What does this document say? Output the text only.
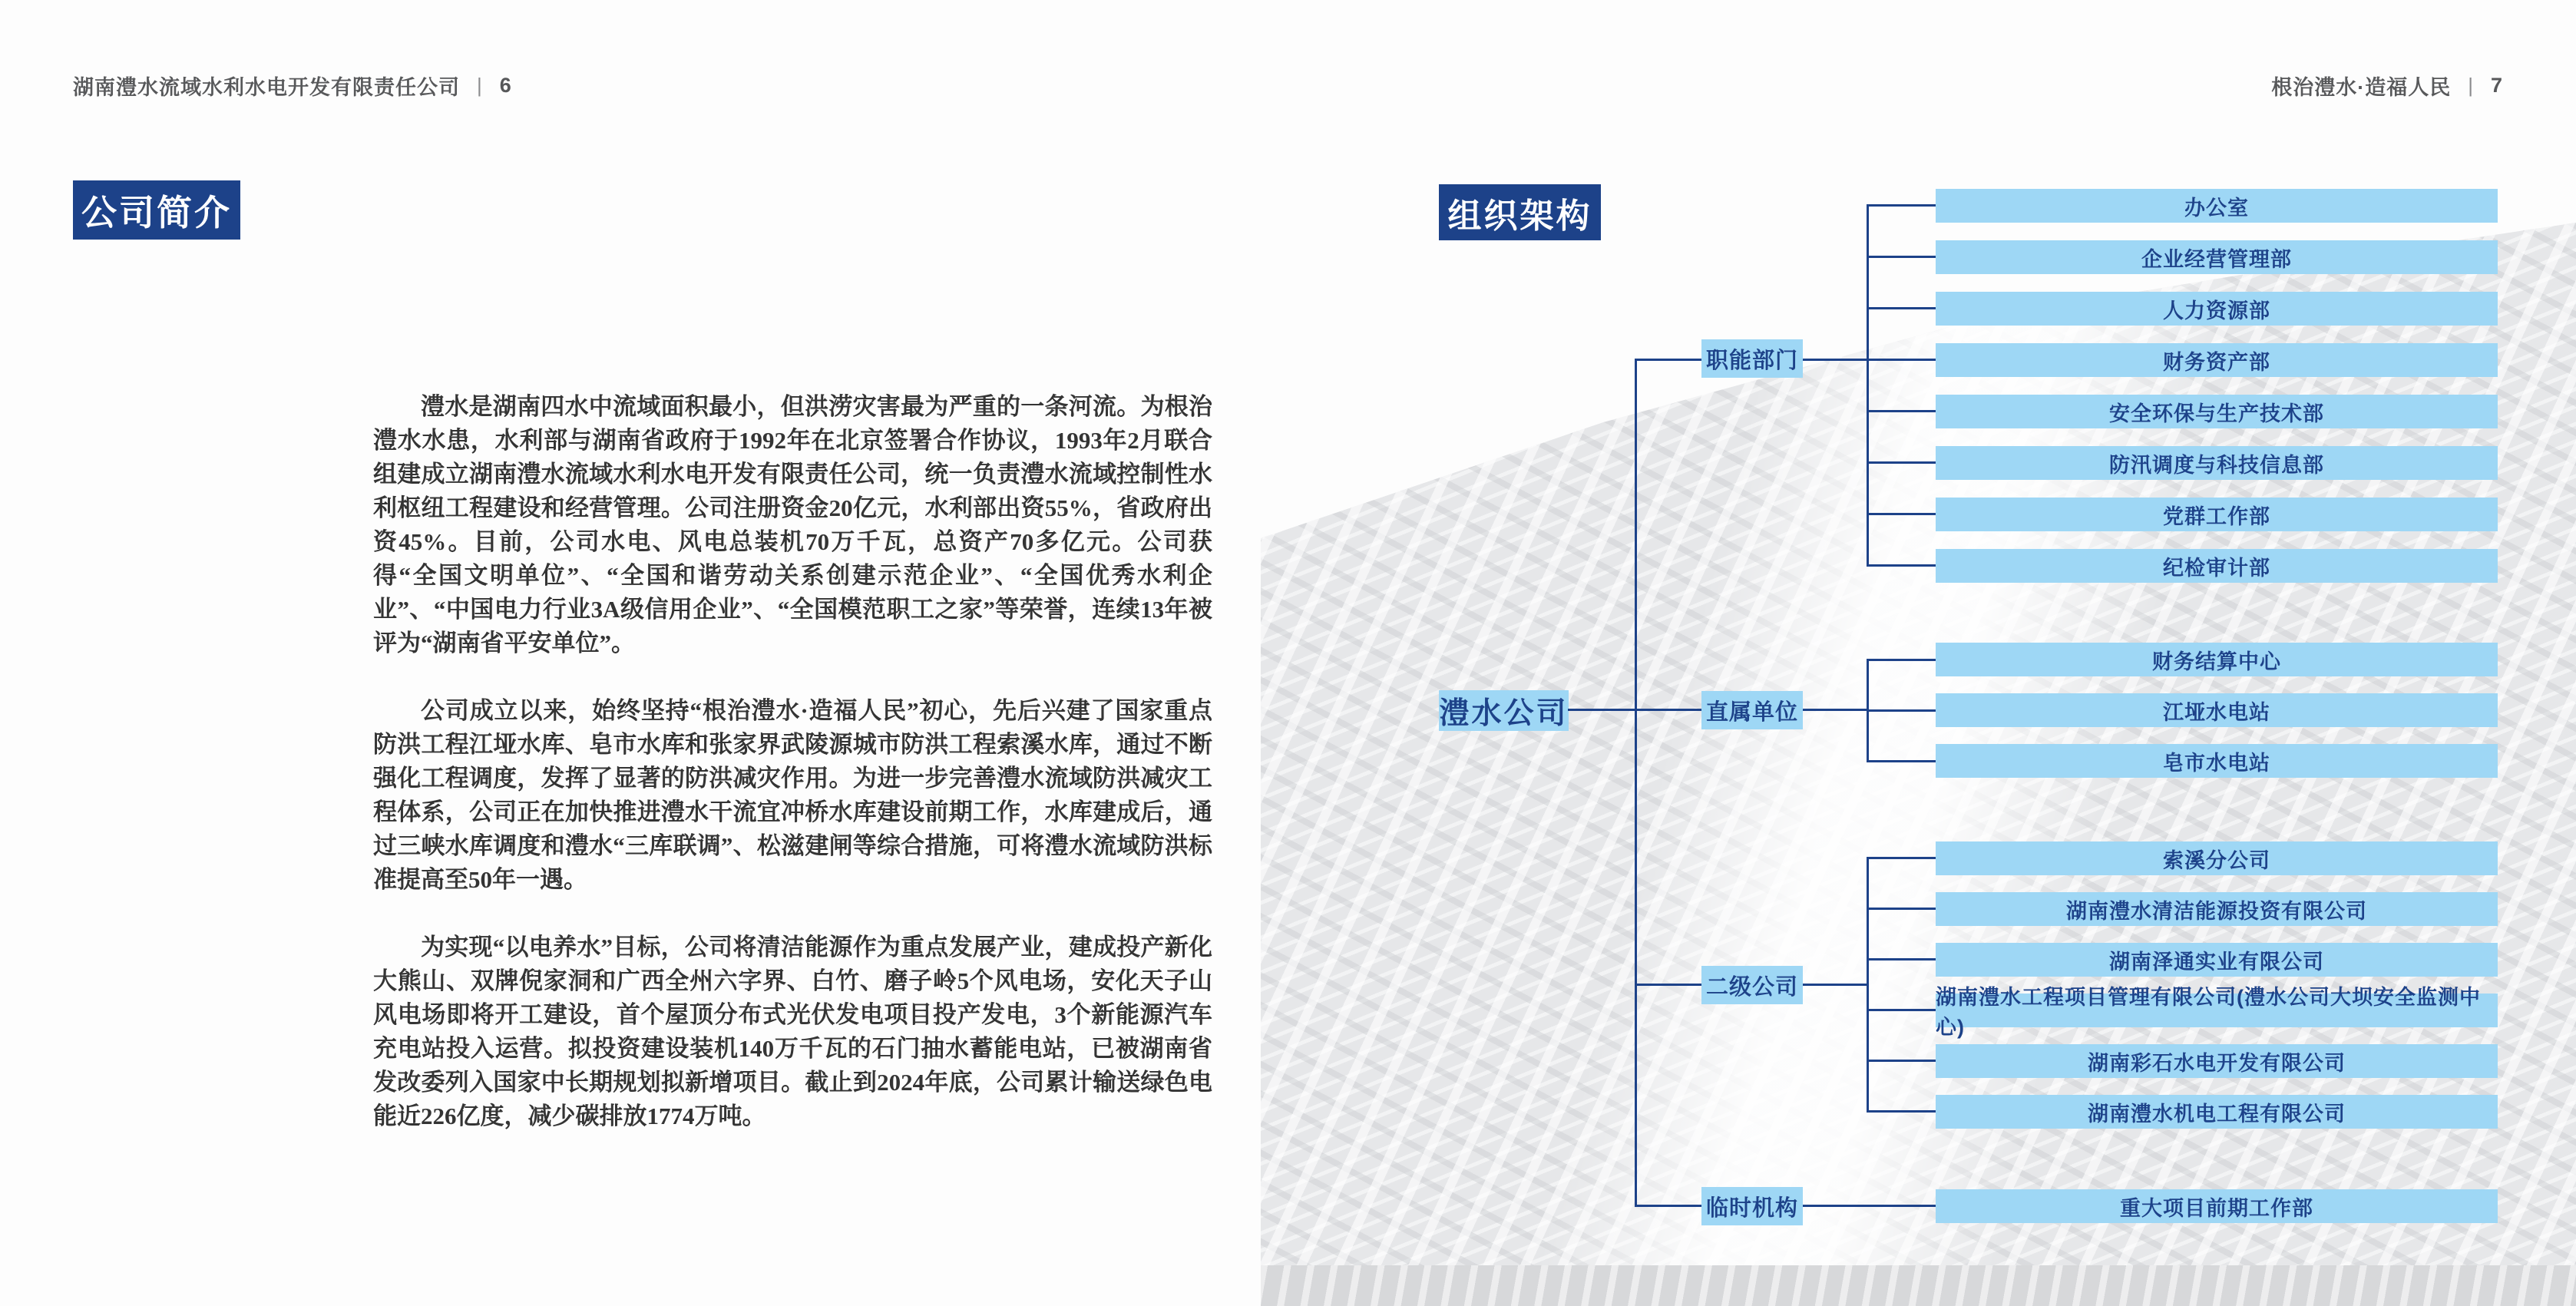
湖南澧水流域水利水电开发有限责任公司 | 6	根治澧水·造福人民 | 7
公司简介	组织架构

澧水是湖南四水中流域面积最小，但洪涝灾害最为严重的一条河流。为根治澧水水患，水利部与湖南省政府于1992年在北京签署合作协议，1993年2月联合组建成立湖南澧水流域水利水电开发有限责任公司，统一负责澧水流域控制性水利枢纽工程建设和经营管理。公司注册资金20亿元，水利部出资55%，省政府出资45%。目前，公司水电、风电总装机70万千瓦，总资产70多亿元。公司获得“全国文明单位”、“全国和谐劳动关系创建示范企业”、“全国优秀水利企业”、“中国电力行业3A级信用企业”、“全国模范职工之家”等荣誉，连续13年被评为“湖南省平安单位”。

公司成立以来，始终坚持“根治澧水·造福人民”初心，先后兴建了国家重点防洪工程江垭水库、皂市水库和张家界武陵源城市防洪工程索溪水库，通过不断强化工程调度，发挥了显著的防洪减灾作用。为进一步完善澧水流域防洪减灾工程体系，公司正在加快推进澧水干流宜冲桥水库建设前期工作，水库建成后，通过三峡水库调度和澧水“三库联调”、松滋建闸等综合措施，可将澧水流域防洪标准提高至50年一遇。

为实现“以电养水”目标，公司将清洁能源作为重点发展产业，建成投产新化大熊山、双牌倪家洞和广西全州六字界、白竹、磨子岭5个风电场，安化天子山风电场即将开工建设，首个屋顶分布式光伏发电项目投产发电，3个新能源汽车充电站投入运营。拟投资建设装机140万千瓦的石门抽水蓄能电站，已被湖南省发改委列入国家中长期规划拟新增项目。截止到2024年底，公司累计输送绿色电能近226亿度，减少碳排放1774万吨。

澧水公司
职能部门
直属单位
二级公司
临时机构
办公室
企业经营管理部
人力资源部
财务资产部
安全环保与生产技术部
防汛调度与科技信息部
党群工作部
纪检审计部
财务结算中心
江垭水电站
皂市水电站
索溪分公司
湖南澧水清洁能源投资有限公司
湖南泽通实业有限公司
湖南澧水工程项目管理有限公司(澧水公司大坝安全监测中心)
湖南彩石水电开发有限公司
湖南澧水机电工程有限公司
重大项目前期工作部
